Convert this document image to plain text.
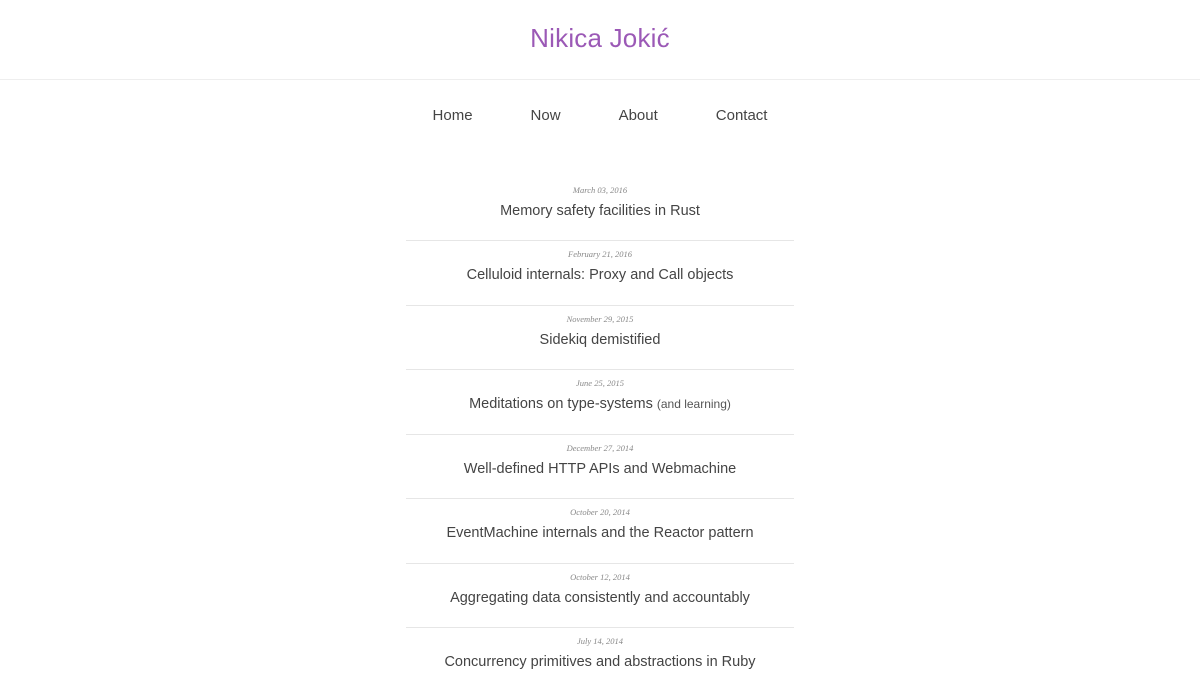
Nikica Jokić
Home	Now	About	Contact
March 03, 2016
Memory safety facilities in Rust
February 21, 2016
Celluloid internals: Proxy and Call objects
November 29, 2015
Sidekiq demistified
June 25, 2015
Meditations on type-systems (and learning)
December 27, 2014
Well-defined HTTP APIs and Webmachine
October 20, 2014
EventMachine internals and the Reactor pattern
October 12, 2014
Aggregating data consistently and accountably
July 14, 2014
Concurrency primitives and abstractions in Ruby
